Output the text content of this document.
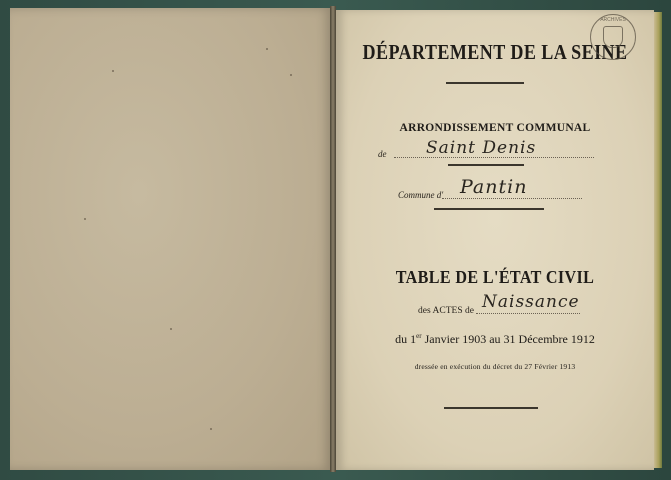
DÉPARTEMENT DE LA SEINE
ARRONDISSEMENT COMMUNAL
de Saint Denis
Commune d' Pantin
TABLE DE L'ÉTAT CIVIL
des ACTES de Naissance
du 1er Janvier 1903 au 31 Décembre 1912
dressée en exécution du décret du 27 Février 1913
ARCHIVES
